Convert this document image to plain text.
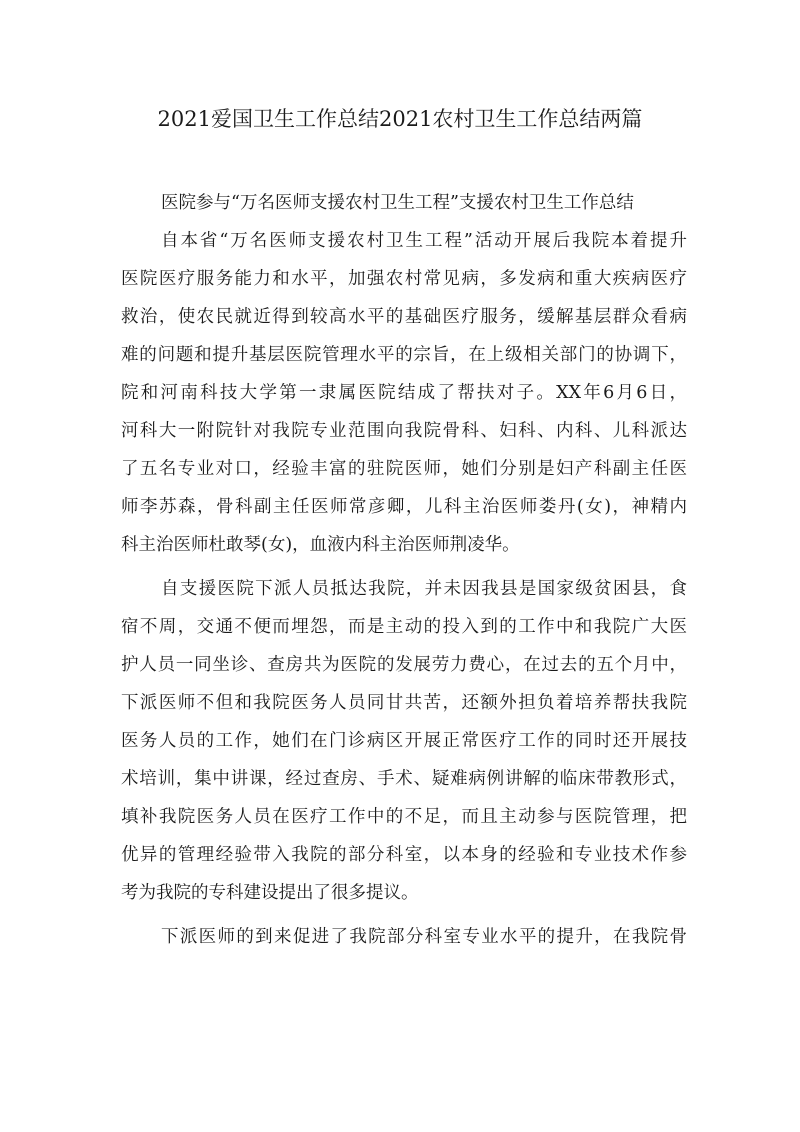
2021爱国卫生工作总结2021农村卫生工作总结两篇
医院参与“万名医师支援农村卫生工程”支援农村卫生工作总结
自本省“万名医师支援农村卫生工程”活动开展后我院本着提升
医院医疗服务能力和水平，加强农村常见病，多发病和重大疾病医疗
救治，使农民就近得到较高水平的基础医疗服务，缓解基层群众看病
难的问题和提升基层医院管理水平的宗旨，在上级相关部门的协调下，
院和河南科技大学第一隶属医院结成了帮扶对子。XX年6月6日，
河科大一附院针对我院专业范围向我院骨科、妇科、内科、儿科派达
了五名专业对口，经验丰富的驻院医师，她们分别是妇产科副主任医
师李苏森，骨科副主任医师常彦卿，儿科主治医师娄丹(女)，神精内
科主治医师杜敢琴(女)，血液内科主治医师荆凌华。
自支援医院下派人员抵达我院，并未因我县是国家级贫困县，食
宿不周，交通不便而埋怨，而是主动的投入到的工作中和我院广大医
护人员一同坐诊、查房共为医院的发展劳力费心，在过去的五个月中，
下派医师不但和我院医务人员同甘共苦，还额外担负着培养帮扶我院
医务人员的工作，她们在门诊病区开展正常医疗工作的同时还开展技
术培训，集中讲课，经过查房、手术、疑难病例讲解的临床带教形式，
填补我院医务人员在医疗工作中的不足，而且主动参与医院管理，把
优异的管理经验带入我院的部分科室，以本身的经验和专业技术作参
考为我院的专科建设提出了很多提议。
下派医师的到来促进了我院部分科室专业水平的提升，在我院骨
